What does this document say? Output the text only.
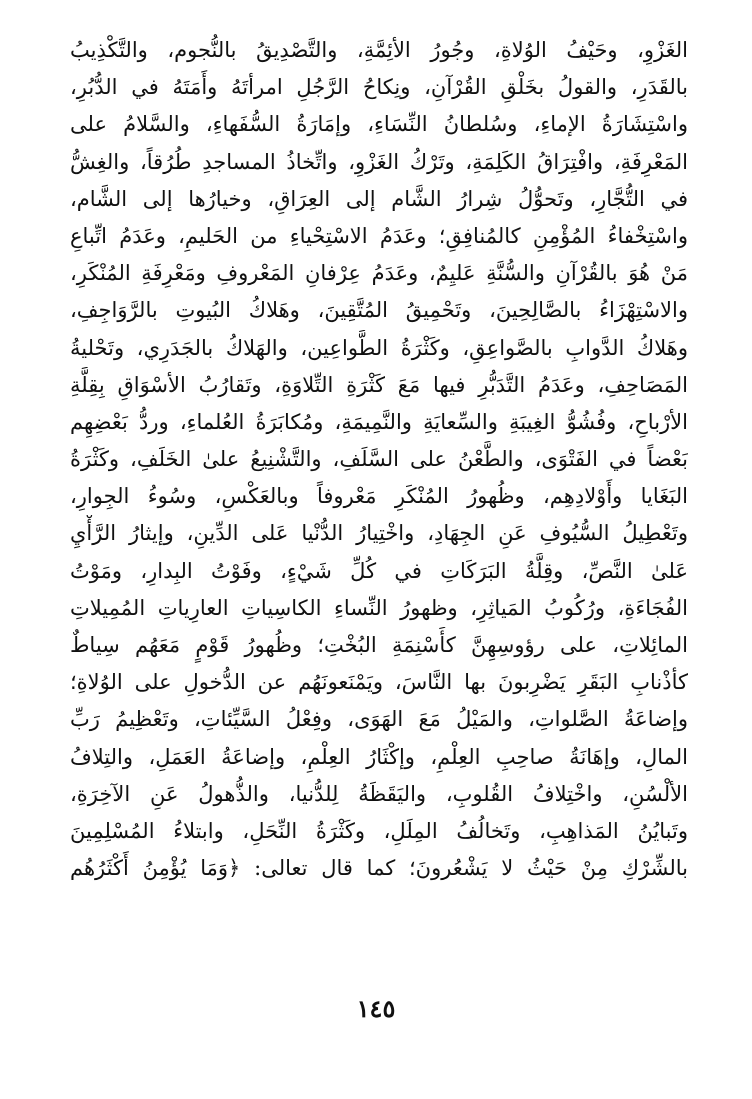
الغَزْوِ، وحَيْفُ الوُلاةِ، وجُورُ الأئِمَّةِ، والتَّصْدِيقُ بالنُّجوم، والتَّكْذِيبُ
بالقَدَرِ، والقولُ بخَلْقِ القُرْآنِ، ونِكاحُ الرَّجُلِ امرأتَهُ وأَمَتَهُ في الدُّبُرِ،
واسْتِشَارَةُ الإماءِ، وسُلطانُ النِّسَاءِ، وإمَارَةُ السُّفَهاءِ، والسَّلامُ على
المَعْرِفَةِ، وافْتِرَاقُ الكَلِمَةِ، وتَرْكُ الغَزْوِ، واتِّخاذُ المساجدِ طُرُقاً، والغِشُّ
في التُّجَّارِ، وتَحوُّلُ شِرارُ الشَّام إلى العِرَاقِ، وخيارُها إلى الشَّام،
واسْتِخْفاءُ المُؤْمِنِ كالمُنافِقِ؛ وعَدَمُ الاسْتِحْياءِ من الحَليمِ، وعَدَمُ اتِّباعِ
مَنْ هُوَ بالقُرْآنِ والسُّنَّةِ عَليِمٌ، وعَدَمُ عِرْفانِ المَعْروفِ ومَعْرِفَةِ المُنْكَرِ،
والاسْتِهْزَاءُ بالصَّالِحِينَ، وتَحْمِيقُ المُتَّقِينَ، وهَلاكُ البُيوتِ بالرَّوَاجِفِ،
وهَلاكُ الدَّوابِ بالصَّواعِقِ، وكَثْرَةُ الطَّواعِين، والهَلاكُ بالجَدَرِي، وتَحْليةُ
المَصَاحِفِ، وعَدَمُ التَّدَبُّرِ فيها مَعَ كَثْرَةِ التِّلاوَةِ، وتَقارُبُ الأسْوَاقِ بِقِلَّةِ
الأرْباحِ، وفُشُوُّ الغِيبَةِ والسِّعايَةِ والنَّمِيمَةِ، ومُكابَرَةُ العُلماءِ، وردُّ بَعْضِهِم
بَعْضاً في الفَتْوَى، والطَّعْنُ على السَّلَفِ، والتَّشْنِيعُ علىٰ الخَلَفِ، وكَثْرَةُ
البَغَايا وأَوْلادِهِم، وظُهورُ المُنْكَرِ مَعْروفاً وبالعَكْسِ، وسُوءُ الجِوارِ،
وتَعْطِيلُ السُّيُوفِ عَنِ الجِهَادِ، واخْتِيارُ الدُّنْيا عَلى الدِّينِ، وإيثارُ الرَّأْيِ
عَلىٰ النَّصِّ، وقِلَّةُ البَرَكَاتِ في كُلِّ شَيْءٍ، وفَوْتُ البِدارِ، ومَوْتُ
الفُجَاءَةِ، ورُكُوبُ المَياثِرِ، وظهورُ النِّساءِ الكاسِياتِ العارِياتِ المُمِيلاتِ
المائِلاتِ، على رؤوسِهِنَّ كأَسْنِمَةِ البُخْتِ؛ وظُهورُ قَوْمٍ مَعَهُم سِياطٌ
كأذْنابِ البَقَرِ يَضْرِبونَ بها النَّاسَ، ويَمْنَعونَهُم عن الدُّخولِ على الوُلاةِ؛
وإضاعَةُ الصَّلواتِ، والمَيْلُ مَعَ الهَوَى، وفِعْلُ السَّيِّئاتِ، وتَعْظِيمُ رَبِّ
المالِ، وإهَانَةُ صاحِبِ العِلْمِ، وإكْثَارُ العِلْمِ، وإضاعَةُ العَمَلِ، والتِلافُ
الألْسُنِ، واخْتِلافُ القُلوبِ، واليَقَظَةُ لِلدُّنيا، والذُّهولُ عَنِ الآخِرَةِ،
وتَبايُنُ المَذاهِبِ، وتَخالُفُ المِلَلِ، وكَثْرَةُ النِّحَلِ، وابتلاءُ المُسْلِمِينَ
بالشِّرْكِ مِنْ حَيْثُ لا يَشْعُرونَ؛ كما قال تعالى: ﴿وَمَا يُؤْمِنُ أَكْثَرُهُم
١٤٥
